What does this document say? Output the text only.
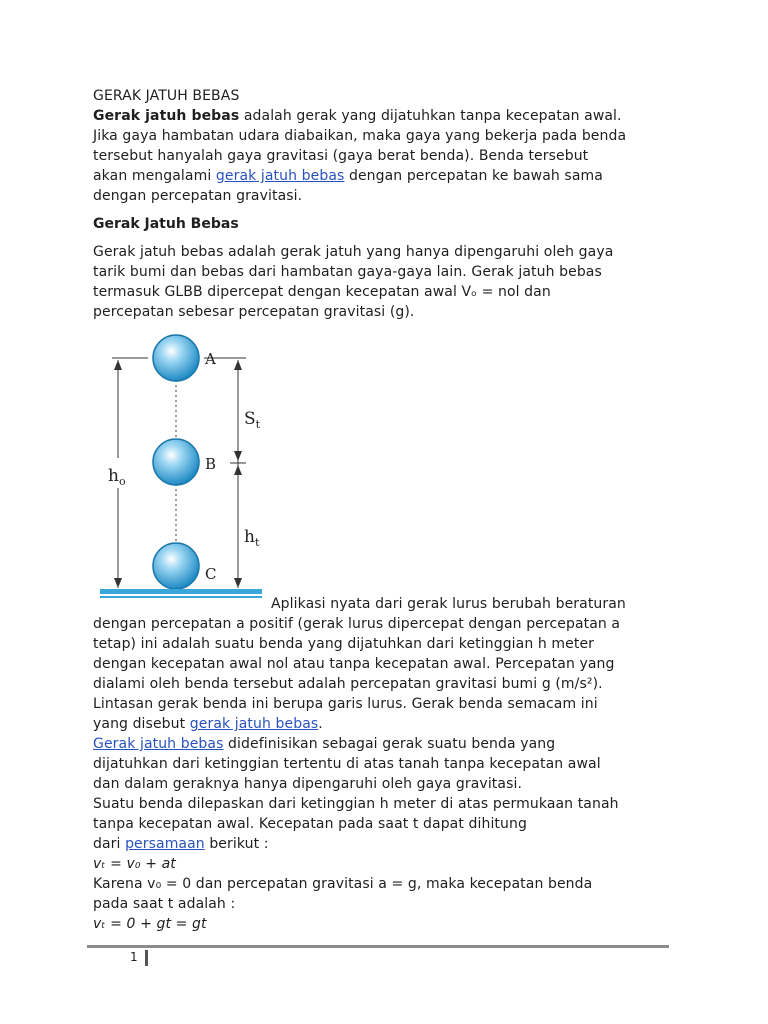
GERAK JATUH BEBAS
Gerak jatuh bebas adalah gerak yang dijatuhkan tanpa kecepatan awal.
Jika gaya hambatan udara diabaikan, maka gaya yang bekerja pada benda
tersebut hanyalah gaya gravitasi (gaya berat benda). Benda tersebut
akan mengalami gerak jatuh bebas dengan percepatan ke bawah sama
dengan percepatan gravitasi.
Gerak Jatuh Bebas
Gerak jatuh bebas adalah gerak jatuh yang hanya dipengaruhi oleh gaya
tarik bumi dan bebas dari hambatan gaya-gaya lain. Gerak jatuh bebas
termasuk GLBB dipercepat dengan kecepatan awal Vₒ = nol dan
percepatan sebesar percepatan gravitasi (g).
Aplikasi nyata dari gerak lurus berubah beraturan
dengan percepatan a positif (gerak lurus dipercepat dengan percepatan a
tetap) ini adalah suatu benda yang dijatuhkan dari ketinggian h meter
dengan kecepatan awal nol atau tanpa kecepatan awal. Percepatan yang
dialami oleh benda tersebut adalah percepatan gravitasi bumi g (m/s²).
Lintasan gerak benda ini berupa garis lurus. Gerak benda semacam ini
yang disebut gerak jatuh bebas.
Gerak jatuh bebas didefinisikan sebagai gerak suatu benda yang
dijatuhkan dari ketinggian tertentu di atas tanah tanpa kecepatan awal
dan dalam geraknya hanya dipengaruhi oleh gaya gravitasi.
Suatu benda dilepaskan dari ketinggian h meter di atas permukaan tanah
tanpa kecepatan awal. Kecepatan pada saat t dapat dihitung
dari persamaan berikut :
vₜ = v₀ + at
Karena v₀ = 0 dan percepatan gravitasi a = g, maka kecepatan benda
pada saat t adalah :
vₜ = 0 + gt = gt
$h_o$
$S_t$
$h_t$
A
B
C
1
